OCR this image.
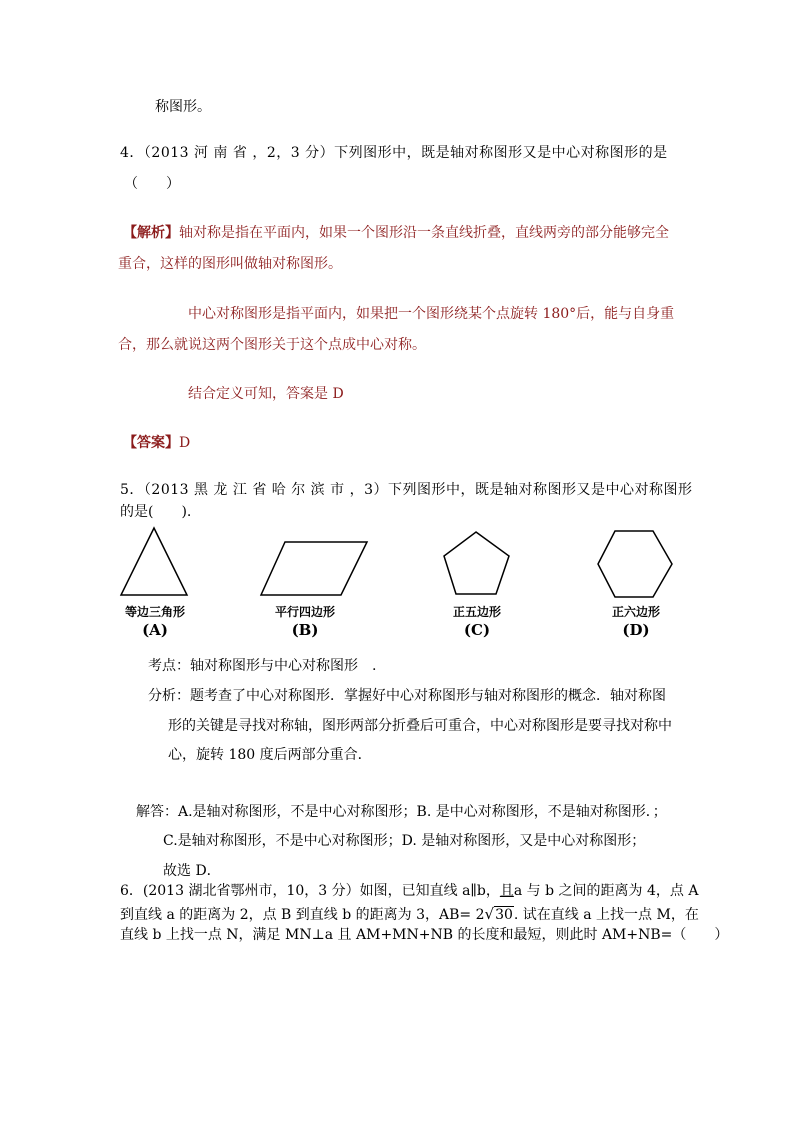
称图形。
4．（2013 河 南 省 ，2，3 分）下列图形中，既是轴对称图形又是中心对称图形的是
（　　）
【解析】轴对称是指在平面内，如果一个图形沿一条直线折叠，直线两旁的部分能够完全
重合，这样的图形叫做轴对称图形。
中心对称图形是指平面内，如果把一个图形绕某个点旋转 180°后，能与自身重
合，那么就说这两个图形关于这个点成中心对称。
结合定义可知，答案是 D
【答案】D
5．（2013 黑 龙 江 省 哈 尔 滨 市 ，3）下列图形中，既是轴对称图形又是中心对称图形
的是(　　).
等边三角形	平行四边形	正五边形	正六边形
(A)	(B)	(C)	(D)
考点：轴对称图形与中心对称图形　.
分析：题考查了中心对称图形．掌握好中心对称图形与轴对称图形的概念．轴对称图
形的关键是寻找对称轴，图形两部分折叠后可重合，中心对称图形是要寻找对称中
心，旋转 180 度后两部分重合．
解答：A.是轴对称图形，不是中心对称图形；B. 是中心对称图形，不是轴对称图形．；
C.是轴对称图形，不是中心对称图形；D. 是轴对称图形，又是中心对称图形；
故选 D．
6．(2013 湖北省鄂州市，10，3 分）如图，已知直线 a∥b，且a 与 b 之间的距离为 4，点 A
到直线 a 的距离为 2，点 B 到直线 b 的距离为 3，AB= 2√30. 试在直线 a 上找一点 M，在
直线 b 上找一点 N，满足 MN⊥a 且 AM+MN+NB 的长度和最短，则此时 AM+NB=（　　）
